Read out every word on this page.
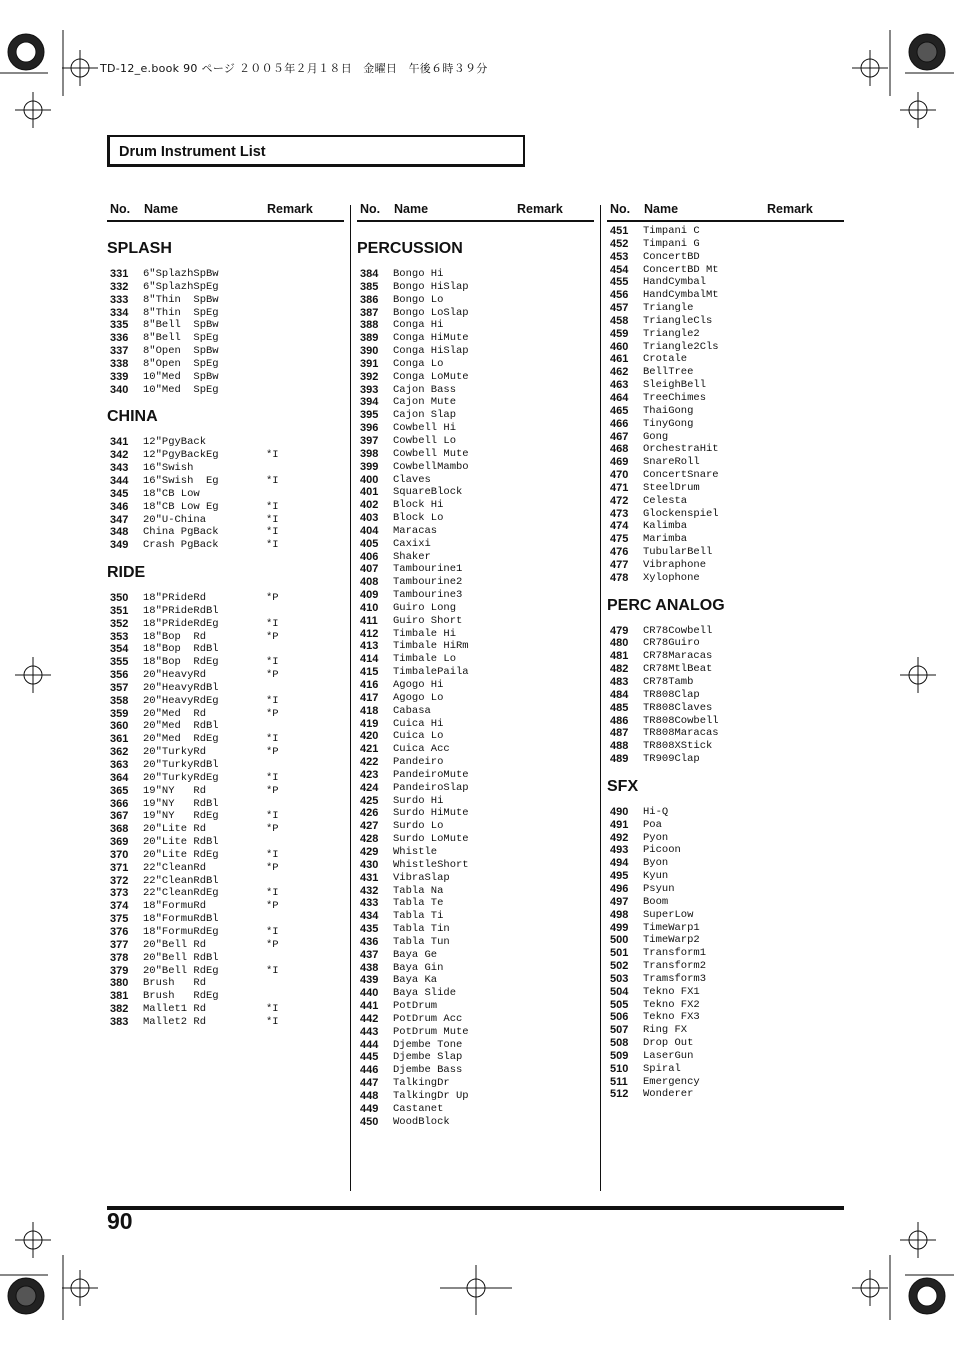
TD-12_e.book 90 ページ ２００５年２月１８日　金曜日　午後６時３９分
Drum Instrument List
No. Name	Remark
SPLASH
331 6"SplazhSpBw
332 6"SplazhSpEg
333 8"Thin  SpBw
334 8"Thin  SpEg
335 8"Bell  SpBw
336 8"Bell  SpEg
337 8"Open  SpBw
338 8"Open  SpEg
339 10"Med  SpBw
340 10"Med  SpEg
CHINA
341 12"PgyBack
342 12"PgyBackEg	*I
343 16"Swish
344 16"Swish  Eg	*I
345 18"CB Low
346 18"CB Low Eg	*I
347 20"U-China	*I
348 China PgBack	*I
349 Crash PgBack	*I
RIDE
350 18"PRideRd	*P
351 18"PRideRdBl
352 18"PRideRdEg	*I
353 18"Bop  Rd	*P
354 18"Bop  RdBl
355 18"Bop  RdEg	*I
356 20"HeavyRd	*P
357 20"HeavyRdBl
358 20"HeavyRdEg	*I
359 20"Med  Rd	*P
360 20"Med  RdBl
361 20"Med  RdEg	*I
362 20"TurkyRd	*P
363 20"TurkyRdBl
364 20"TurkyRdEg	*I
365 19"NY   Rd	*P
366 19"NY   RdBl
367 19"NY   RdEg	*I
368 20"Lite Rd	*P
369 20"Lite RdBl
370 20"Lite RdEg	*I
371 22"CleanRd	*P
372 22"CleanRdBl
373 22"CleanRdEg	*I
374 18"FormuRd	*P
375 18"FormuRdBl
376 18"FormuRdEg	*I
377 20"Bell Rd	*P
378 20"Bell RdBl
379 20"Bell RdEg	*I
380 Brush   Rd
381 Brush   RdEg
382 Mallet1 Rd	*I
383 Mallet2 Rd	*I
No. Name	Remark
PERCUSSION
384 Bongo Hi
385 Bongo HiSlap
386 Bongo Lo
387 Bongo LoSlap
388 Conga Hi
389 Conga HiMute
390 Conga HiSlap
391 Conga Lo
392 Conga LoMute
393 Cajon Bass
394 Cajon Mute
395 Cajon Slap
396 Cowbell Hi
397 Cowbell Lo
398 Cowbell Mute
399 CowbellMambo
400 Claves
401 SquareBlock
402 Block Hi
403 Block Lo
404 Maracas
405 Caxixi
406 Shaker
407 Tambourine1
408 Tambourine2
409 Tambourine3
410 Guiro Long
411 Guiro Short
412 Timbale Hi
413 Timbale HiRm
414 Timbale Lo
415 TimbalePaila
416 Agogo Hi
417 Agogo Lo
418 Cabasa
419 Cuica Hi
420 Cuica Lo
421 Cuica Acc
422 Pandeiro
423 PandeiroMute
424 PandeiroSlap
425 Surdo Hi
426 Surdo HiMute
427 Surdo Lo
428 Surdo LoMute
429 Whistle
430 WhistleShort
431 VibraSlap
432 Tabla Na
433 Tabla Te
434 Tabla Ti
435 Tabla Tin
436 Tabla Tun
437 Baya Ge
438 Baya Gin
439 Baya Ka
440 Baya Slide
441 PotDrum
442 PotDrum Acc
443 PotDrum Mute
444 Djembe Tone
445 Djembe Slap
446 Djembe Bass
447 TalkingDr
448 TalkingDr Up
449 Castanet
450 WoodBlock
No. Name	Remark
451 Timpani C
452 Timpani G
453 ConcertBD
454 ConcertBD Mt
455 HandCymbal
456 HandCymbalMt
457 Triangle
458 TriangleCls
459 Triangle2
460 Triangle2Cls
461 Crotale
462 BellTree
463 SleighBell
464 TreeChimes
465 ThaiGong
466 TinyGong
467 Gong
468 OrchestraHit
469 SnareRoll
470 ConcertSnare
471 SteelDrum
472 Celesta
473 Glockenspiel
474 Kalimba
475 Marimba
476 TubularBell
477 Vibraphone
478 Xylophone
PERC ANALOG
479 CR78Cowbell
480 CR78Guiro
481 CR78Maracas
482 CR78MtlBeat
483 CR78Tamb
484 TR808Clap
485 TR808Claves
486 TR808Cowbell
487 TR808Maracas
488 TR808XStick
489 TR909Clap
SFX
490 Hi-Q
491 Poa
492 Pyon
493 Picoon
494 Byon
495 Kyun
496 Psyun
497 Boom
498 SuperLow
499 TimeWarp1
500 TimeWarp2
501 Transform1
502 Transform2
503 Tramsform3
504 Tekno FX1
505 Tekno FX2
506 Tekno FX3
507 Ring FX
508 Drop Out
509 LaserGun
510 Spiral
511 Emergency
512 Wonderer
90
